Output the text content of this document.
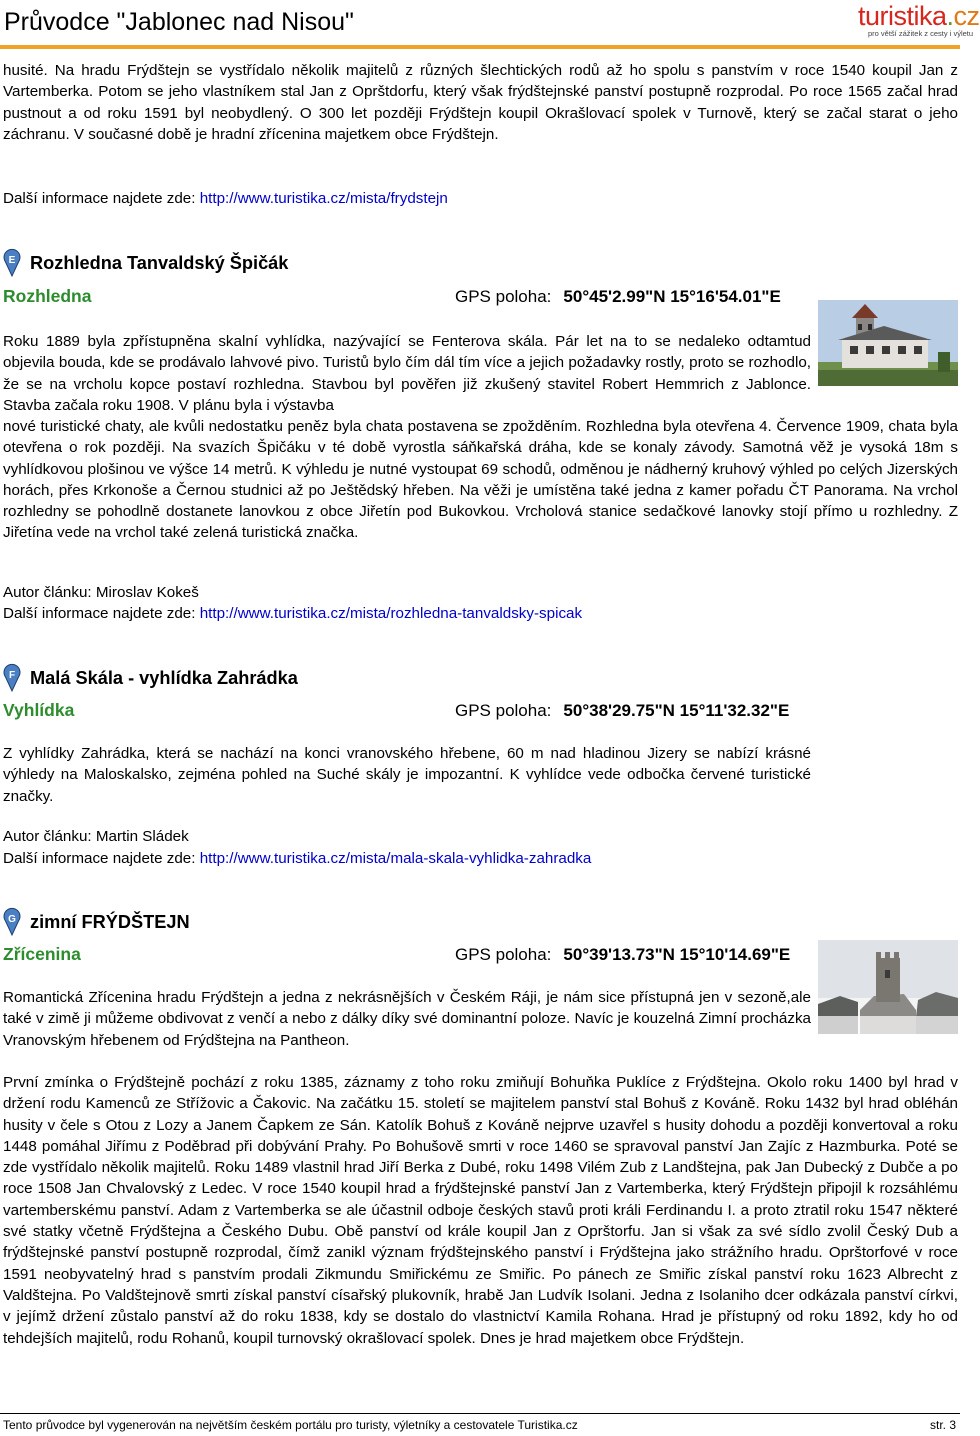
Průvodce "Jablonec nad Nisou"	turistika.cz
pro větší zážitek z cesty i výletu

husité. Na hradu Frýdštejn se vystřídalo několik majitelů z různých šlechtických rodů až ho spolu s panstvím v roce 1540 koupil Jan z Vartemberka. Potom se jeho vlastníkem stal Jan z Oprštdorfu, který však frýdštejnské panství postupně rozprodal. Po roce 1565 začal hrad pustnout a od roku 1591 byl neobydlený. O 300 let později Frýdštejn koupil Okrašlovací spolek v Turnově, který se začal starat o jeho záchranu. V současné době je hradní zřícenina majetkem obce Frýdštejn.

Další informace najdete zde: http://www.turistika.cz/mista/frydstejn
E Rozhledna Tanvaldský Špičák
Rozhledna	GPS poloha: 50°45'2.99"N 15°16'54.01"E

Roku 1889 byla zpřístupněna skalní vyhlídka, nazývající se Fenterova skála. Pár let na to se nedaleko odtamtud objevila bouda, kde se prodávalo lahvové pivo. Turistů bylo čím dál tím více a jejich požadavky rostly, proto se rozhodlo, že se na vrcholu kopce postaví rozhledna. Stavbou byl pověřen již zkušený stavitel Robert Hemmrich z Jablonce. Stavba začala roku 1908. V plánu byla i výstavba

nové turistické chaty, ale kvůli nedostatku peněz byla chata postavena se zpožděním. Rozhledna byla otevřena 4. Července 1909, chata byla otevřena o rok později. Na svazích Špičáku v té době vyrostla sáňkařská dráha, kde se konaly závody. Samotná věž je vysoká 18m s vyhlídkovou plošinou ve výšce 14 metrů. K výhledu je nutné vystoupat 69 schodů, odměnou je nádherný kruhový výhled po celých Jizerských horách, přes Krkonoše a Černou studnici až po Ještědský hřeben. Na věži je umístěna také jedna z kamer pořadu ČT Panorama. Na vrchol rozhledny se pohodlně dostanete lanovkou z obce Jiřetín pod Bukovkou. Vrcholová stanice sedačkové lanovky stojí přímo u rozhledny. Z Jiřetína vede na vrchol také zelená turistická značka.

Autor článku: Miroslav Kokeš
Další informace najdete zde: http://www.turistika.cz/mista/rozhledna-tanvaldsky-spicak
F Malá Skála - vyhlídka Zahrádka
Vyhlídka	GPS poloha: 50°38'29.75"N 15°11'32.32"E

Z vyhlídky Zahrádka, která se nachází na konci vranovského hřebene, 60 m nad hladinou Jizery se nabízí krásné výhledy na Maloskalsko, zejména pohled na Suché skály je impozantní. K vyhlídce vede odbočka červené turistické značky.

Autor článku: Martin Sládek
Další informace najdete zde: http://www.turistika.cz/mista/mala-skala-vyhlidka-zahradka
G zimní FRÝDŠTEJN
Zřícenina	GPS poloha: 50°39'13.73"N 15°10'14.69"E

Romantická Zřícenina hradu Frýdštejn a jedna z nekrásnějších v Českém Ráji, je nám sice přístupná jen v sezoně,ale také v zimě ji můžeme obdivovat z venčí a nebo z dálky díky své dominantní poloze. Navíc je kouzelná Zimní procházka Vranovským hřebenem od Frýdštejna na Pantheon.

První zmínka o Frýdštejně pochází z roku 1385, záznamy z toho roku zmiňují Bohuňka Puklíce z Frýdštejna. Okolo roku 1400 byl hrad v držení rodu Kamenců ze Střížovic a Čakovic. Na začátku 15. století se majitelem panství stal Bohuš z Kováně. Roku 1432 byl hrad obléhán husity v čele s Otou z Lozy a Janem Čapkem ze Sán. Katolík Bohuš z Kováně nejprve uzavřel s husity dohodu a později konvertoval a roku 1448 pomáhal Jiřímu z Poděbrad při dobývání Prahy. Po Bohušově smrti v roce 1460 se spravoval panství Jan Zajíc z Hazmburka. Poté se zde vystřídalo několik majitelů. Roku 1489 vlastnil hrad Jiří Berka z Dubé, roku 1498 Vilém Zub z Landštejna, pak Jan Dubecký z Dubče a po roce 1508 Jan Chvalovský z Ledec. V roce 1540 koupil hrad a frýdštejnské panství Jan z Vartemberka, který Frýdštejn připojil k rozsáhlému vartemberskému panství. Adam z Vartemberka se ale účastnil odboje českých stavů proti králi Ferdinandu I. a proto ztratil roku 1547 některé své statky včetně Frýdštejna a Českého Dubu. Obě panství od krále koupil Jan z Oprštorfu. Jan si však za své sídlo zvolil Český Dub a frýdštejnské panství postupně rozprodal, čímž zanikl význam frýdštejnského panství i Frýdštejna jako strážního hradu. Oprštorfové v roce 1591 neobyvatelný hrad s panstvím prodali Zikmundu Smiřickému ze Smiřic. Po pánech ze Smiřic získal panství roku 1623 Albrecht z Valdštejna. Po Valdštejnově smrti získal panství císařský plukovník, hrabě Jan Ludvík Isolani. Jedna z Isolaniho dcer odkázala panství církvi, v jejímž držení zůstalo panství až do roku 1838, kdy se dostalo do vlastnictví Kamila Rohana. Hrad je přístupný od roku 1892, kdy ho od tehdejších majitelů, rodu Rohanů, koupil turnovský okrašlovací spolek. Dnes je hrad majetkem obce Frýdštejn.

Tento průvodce byl vygenerován na největším českém portálu pro turisty, výletníky a cestovatele Turistika.cz	str. 3
